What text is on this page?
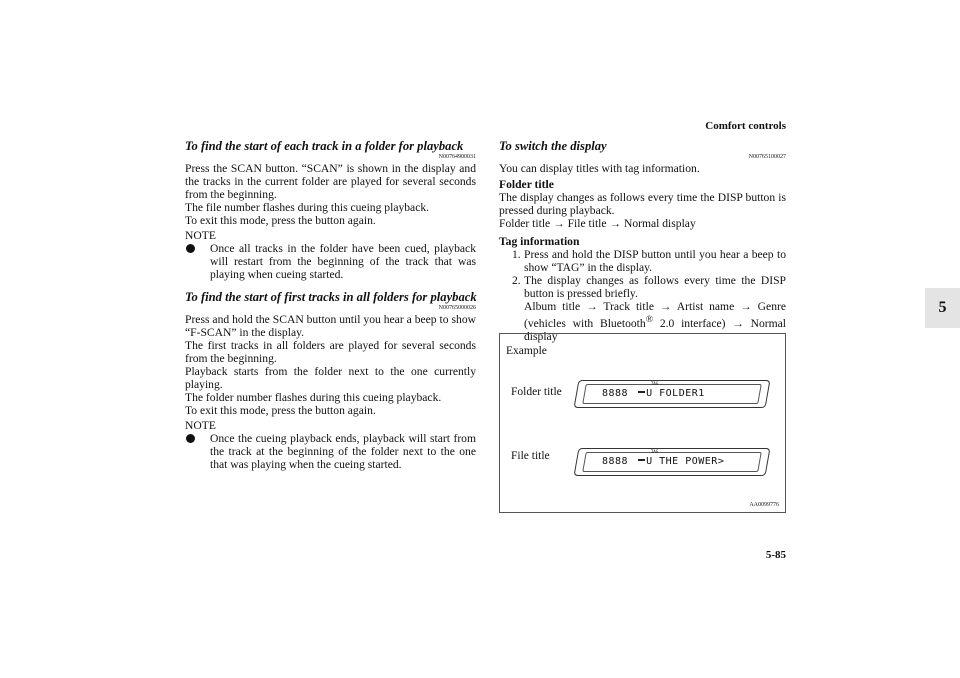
Comfort controls
5
To find the start of each track in a folder for playback
N00764900031

Press the SCAN button. “SCAN” is shown in the display and the tracks in the current folder are played for several seconds from the beginning.

The file number flashes during this cueing playback.

To exit this mode, press the button again.

NOTE

Once all tracks in the folder have been cued, playback will restart from the beginning of the track that was playing when cueing started.
To find the start of first tracks in all folders for playback
N00765000026

Press and hold the SCAN button until you hear a beep to show “F-SCAN” in the display.

The first tracks in all folders are played for several seconds from the beginning.

Playback starts from the folder next to the one currently playing.

The folder number flashes during this cueing playback.

To exit this mode, press the button again.

NOTE

Once the cueing playback ends, playback will start from the track at the beginning of the folder next to the one that was playing when the cueing started.
To switch the display
N00765100027

You can display titles with tag information.

Folder title

The display changes as follows every time the DISP button is pressed during playback.

Folder title → File title → Normal display

Tag information

1. Press and hold the DISP button until you hear a beep to show “TAG” in the display.
2. The display changes as follows every time the DISP button is pressed briefly.
Album title → Track title → Artist name → Genre (vehicles with Bluetooth® 2.0 interface) → Normal display
Example
Folder title
File title
TAG
8888 U FOLDER1
TAG
8888 U THE POWER>
AA0099776
5-85
